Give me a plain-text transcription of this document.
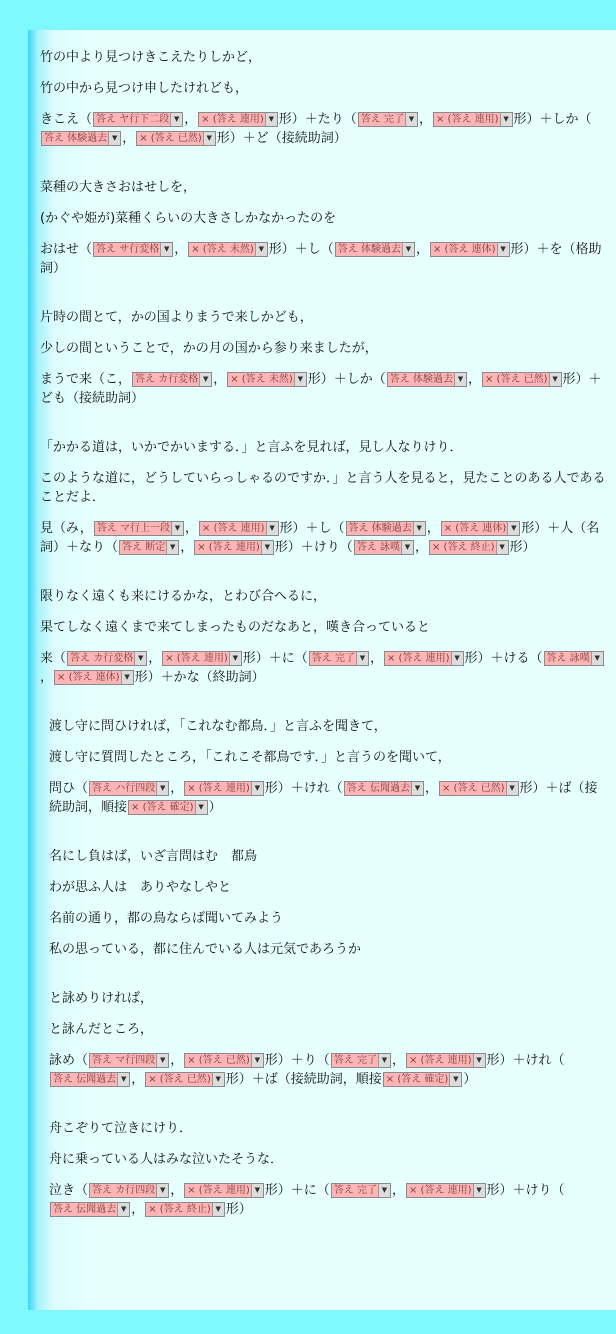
竹の中より見つけきこえたりしかど，
竹の中から見つけ申したけれども，
きこえ（ 答え ヤ行下二段 ▼ ， × (答え 連用) ▼ 形）＋たり（ 答え 完了 ▼ ， × (答え 連用) ▼ 形）＋しか（答え 体験過去 ▼ ， × (答え 已然) ▼ 形）＋ど（接続助詞）
菜種の大きさおはせしを，
(かぐや姫が)菜種くらいの大きさしかなかったのを
おはせ（ 答え サ行変格 ▼ ， × (答え 未然) ▼ 形）＋し（ 答え 体験過去 ▼ ， × (答え 連体) ▼ 形）＋を（格助詞）
片時の間とて，かの国よりまうで来しかども，
少しの間ということで，かの月の国から参り来ましたが，
まうで来（こ， 答え カ行変格 ▼ ， × (答え 未然) ▼ 形）＋しか（ 答え 体験過去 ▼ ， × (答え 已然) ▼ 形）＋ども（接続助詞）
「かかる道は，いかでかいまする．」と言ふを見れば，見し人なりけり．
このような道に，どうしていらっしゃるのですか．」と言う人を見ると，見たことのある人であることだよ．
見（み， 答え マ行上一段 ▼ ， × (答え 連用) ▼ 形）＋し（ 答え 体験過去 ▼ ， × (答え 連体) ▼ 形）＋人（名詞）＋なり（ 答え 断定 ▼ ， × (答え 連用) ▼ 形）＋けり（ 答え 詠嘆 ▼ ， × (答え 終止) ▼ 形）
限りなく遠くも来にけるかな，とわび合へるに，
果てしなく遠くまで来てしまったものだなあと，嘆き合っていると
来（ 答え カ行変格 ▼ ， × (答え 連用) ▼ 形）＋に（ 答え 完了 ▼ ， × (答え 連用) ▼ 形）＋ける（ 答え 詠嘆 ▼
， × (答え 連体) ▼ 形）＋かな（終助詞）
渡し守に問ひければ，「これなむ都鳥．」と言ふを聞きて，
渡し守に質問したところ，「これこそ都鳥です．」と言うのを聞いて，
問ひ（ 答え ハ行四段 ▼ ， × (答え 連用) ▼ 形）＋けれ（ 答え 伝聞過去 ▼ ， × (答え 已然) ▼ 形）＋ば（接続助詞，順接 × (答え 確定) ▼ ）
名にし負はば，いざ言問はむ　都鳥
わが思ふ人は　ありやなしやと
名前の通り，都の鳥ならば聞いてみよう
私の思っている，都に住んでいる人は元気であろうか
と詠めりければ，
と詠んだところ，
詠め（ 答え マ行四段 ▼ ， × (答え 已然) ▼ 形）＋り（ 答え 完了 ▼ ， × (答え 連用) ▼ 形）＋けれ（答え 伝聞過去 ▼ ， × (答え 已然) ▼ 形）＋ば（接続助詞，順接 × (答え 確定) ▼ ）
舟こぞりて泣きにけり．
舟に乗っている人はみな泣いたそうな．
泣き（ 答え カ行四段 ▼ ， × (答え 連用) ▼ 形）＋に（ 答え 完了 ▼ ， × (答え 連用) ▼ 形）＋けり（答え 伝聞過去 ▼ ， × (答え 終止) ▼ 形）
